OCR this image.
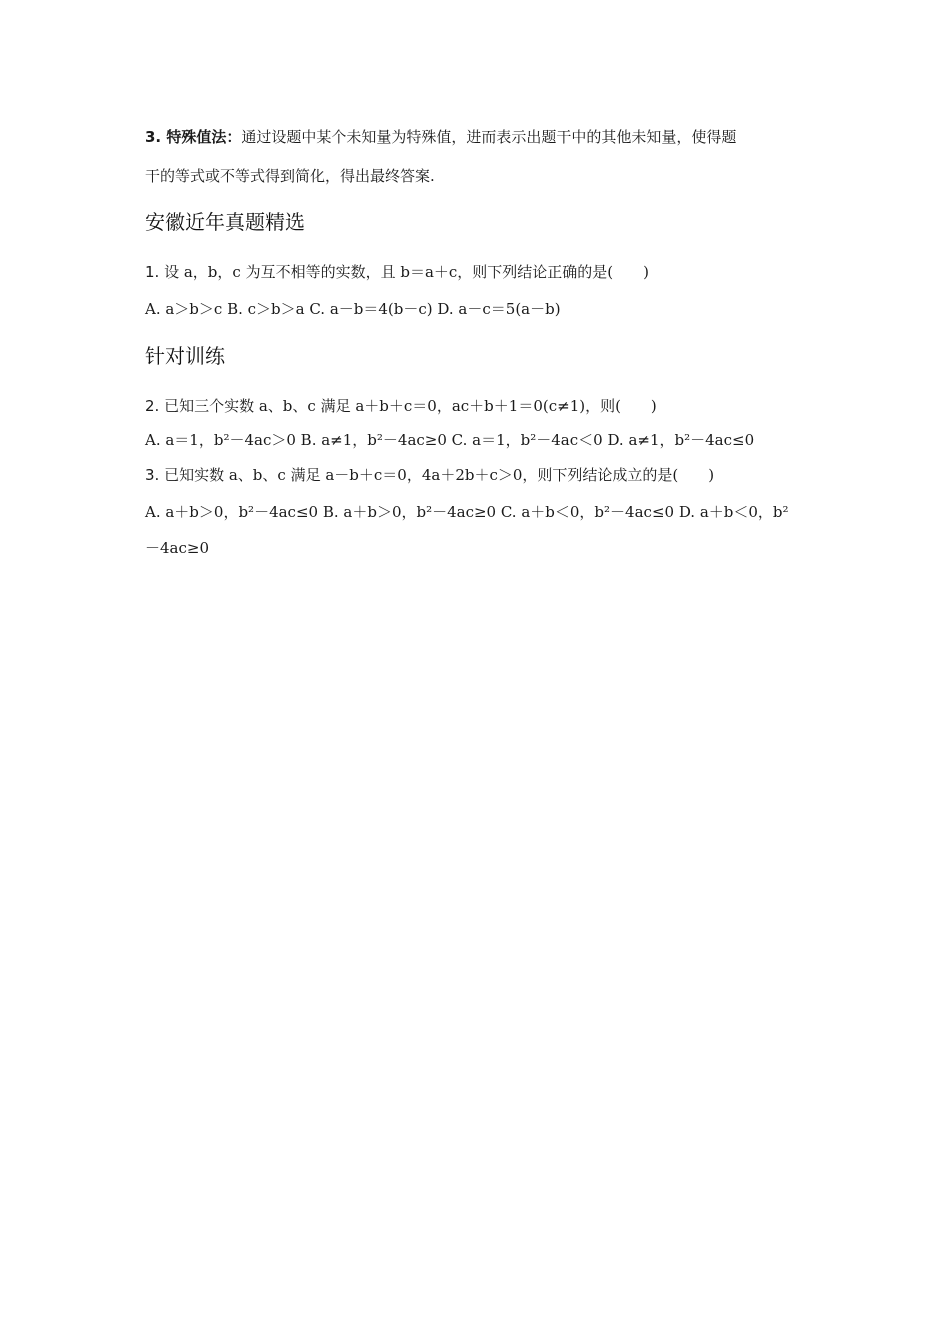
3. 特殊值法：通过设题中某个未知量为特殊值，进而表示出题干中的其他未知量，使得题
干的等式或不等式得到简化，得出最终答案.
安徽近年真题精选
1. 设 a，b，c 为互不相等的实数，且 b＝a＋c，则下列结论正确的是(　　)
A. a＞b＞c B. c＞b＞a C. a－b＝4(b－c) D. a－c＝5(a－b)
针对训练
2. 已知三个实数 a、b、c 满足 a＋b＋c＝0，ac＋b＋1＝0(c≠1)，则(　　)
A. a＝1，b²－4ac＞0 B. a≠1，b²－4ac≥0 C. a＝1，b²－4ac＜0 D. a≠1，b²－4ac≤0
3. 已知实数 a、b、c 满足 a－b＋c＝0，4a＋2b＋c＞0，则下列结论成立的是(　　)
A. a＋b＞0，b²－4ac≤0 B. a＋b＞0，b²－4ac≥0 C. a＋b＜0，b²－4ac≤0 D. a＋b＜0，b²
－4ac≥0
